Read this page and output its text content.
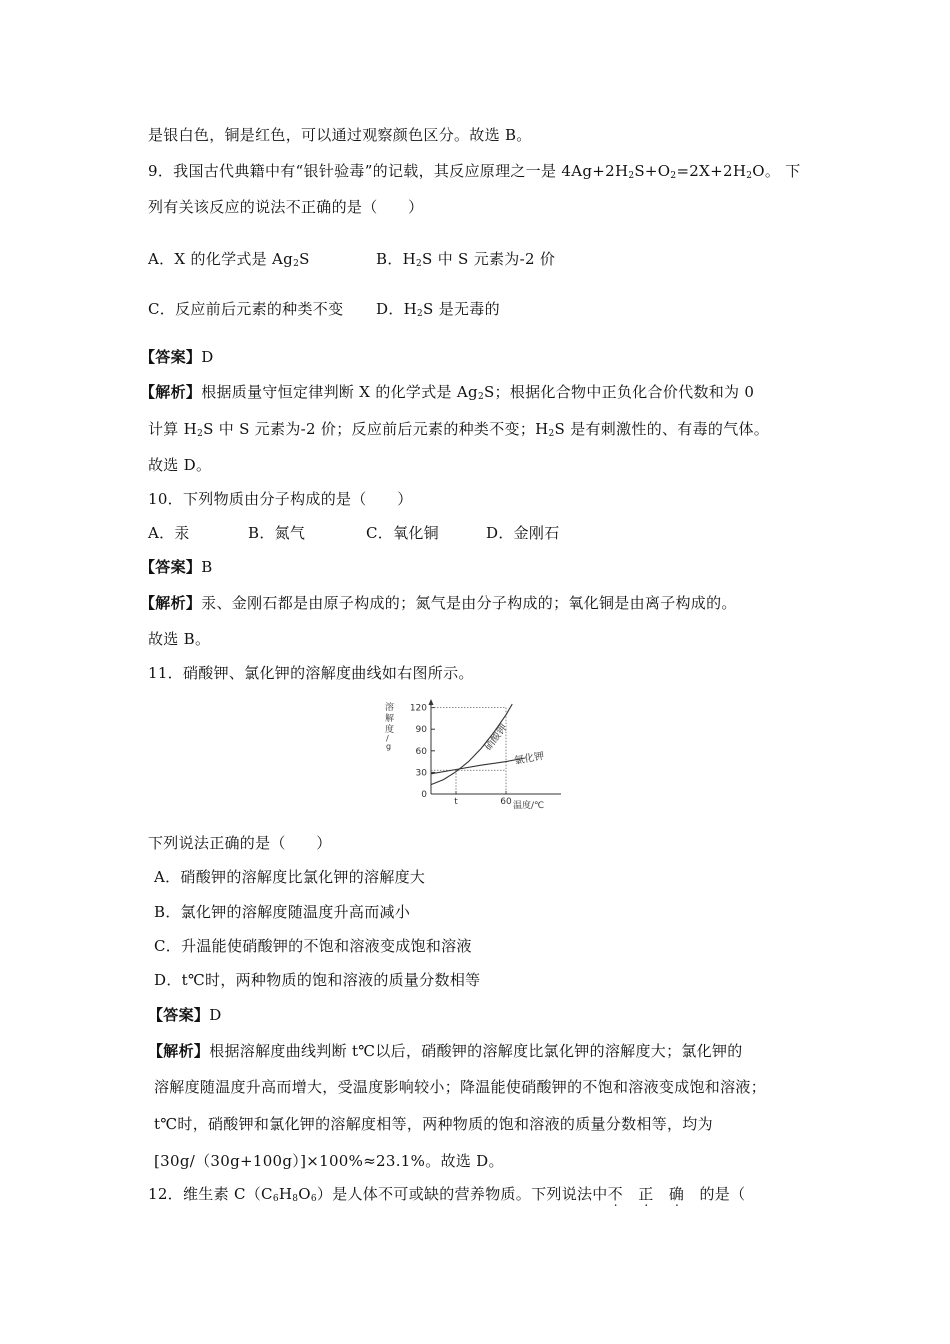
是银白色，铜是红色，可以通过观察颜色区分。故选 B。
9．我国古代典籍中有“银针验毒”的记载，其反应原理之一是 $4Ag+2H_2S+O_2=2X+2H_2O$。 下
列有关该反应的说法不正确的是（　　）
A．X 的化学式是 $Ag_2S$	B．$H_2S$ 中 S 元素为-2 价
C．反应前后元素的种类不变 D．$H_2S$ 是无毒的
【答案】D
【解析】根据质量守恒定律判断 X 的化学式是 $Ag_2S$；根据化合物中正负化合价代数和为 0
计算 $H_2S$ 中 S 元素为-2 价；反应前后元素的种类不变；$H_2S$ 是有刺激性的、有毒的气体。
故选 D。
10．下列物质由分子构成的是（　　）
A．汞	B．氮气	C．氧化铜	D．金刚石
【答案】B
【解析】汞、金刚石都是由原子构成的；氮气是由分子构成的；氧化铜是由离子构成的。
故选 B。
11．硝酸钾、氯化钾的溶解度曲线如右图所示。
溶
解
度
/
g
0
30
60
90
120
t	60
硝酸钾
氯化钾
温度/℃
下列说法正确的是（　　）
A．硝酸钾的溶解度比氯化钾的溶解度大
B．氯化钾的溶解度随温度升高而减小
C．升温能使硝酸钾的不饱和溶液变成饱和溶液
D．t℃时，两种物质的饱和溶液的质量分数相等
【答案】D
【解析】根据溶解度曲线判断 t℃以后，硝酸钾的溶解度比氯化钾的溶解度大；氯化钾的
溶解度随温度升高而增大，受温度影响较小；降温能使硝酸钾的不饱和溶液变成饱和溶液；
t℃时，硝酸钾和氯化钾的溶解度相等，两种物质的饱和溶液的质量分数相等，均为
[30g/（30g+100g）]×100%≈23.1%。故选 D。
12．维生素 $C(C_6H_8O_6)$是人体不可或缺的营养物质。下列说法中不　 正　 确　 的是（
